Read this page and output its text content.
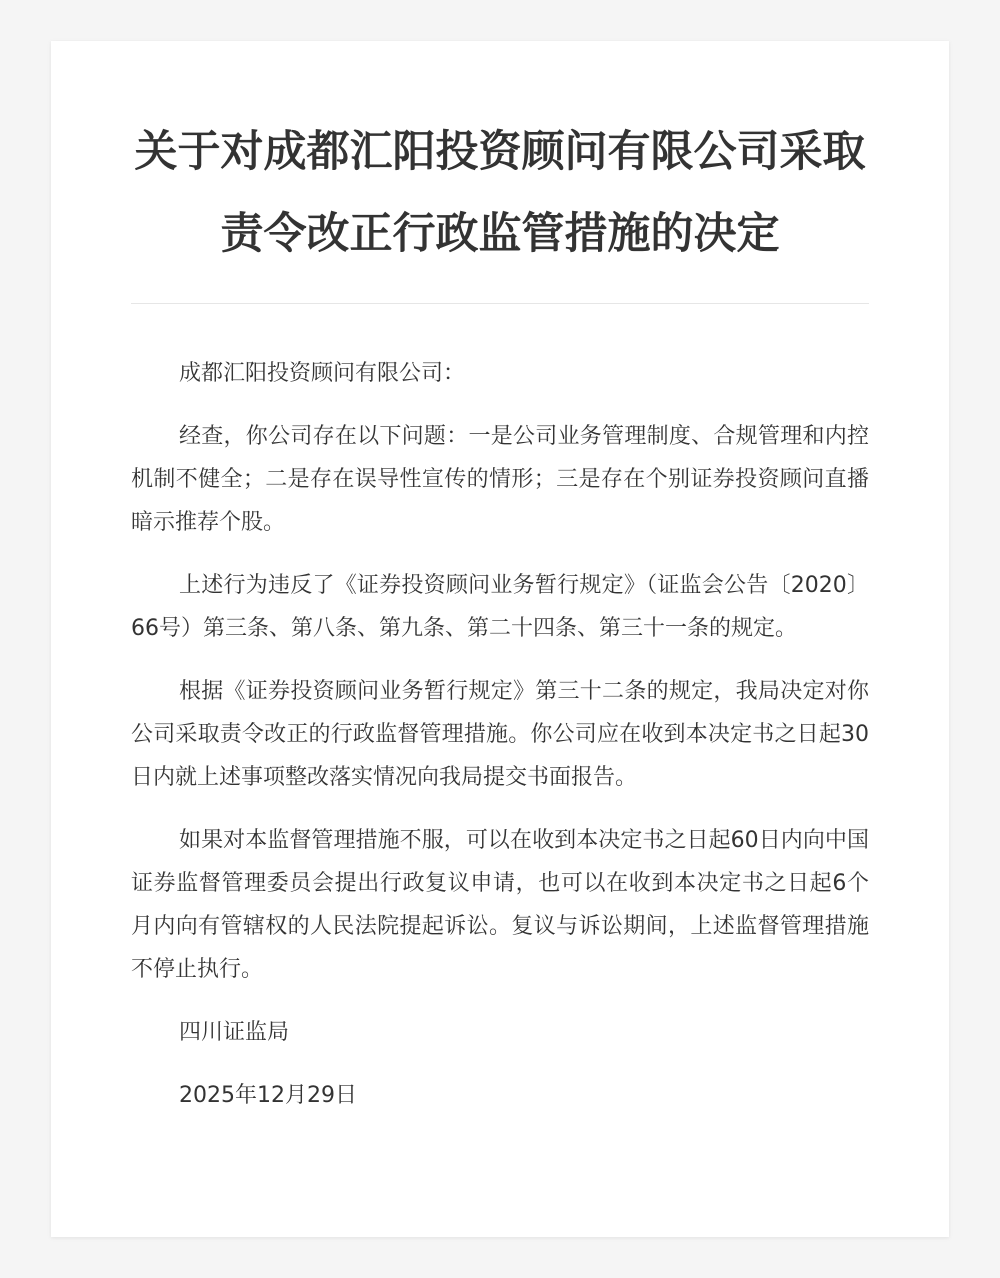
关于对成都汇阳投资顾问有限公司采取责令改正行政监管措施的决定

成都汇阳投资顾问有限公司：

经查，你公司存在以下问题：一是公司业务管理制度、合规管理和内控机制不健全；二是存在误导性宣传的情形；三是存在个别证券投资顾问直播暗示推荐个股。

上述行为违反了《证券投资顾问业务暂行规定》（证监会公告〔2020〕66号）第三条、第八条、第九条、第二十四条、第三十一条的规定。

根据《证券投资顾问业务暂行规定》第三十二条的规定，我局决定对你公司采取责令改正的行政监督管理措施。你公司应在收到本决定书之日起30日内就上述事项整改落实情况向我局提交书面报告。

如果对本监督管理措施不服，可以在收到本决定书之日起60日内向中国证券监督管理委员会提出行政复议申请，也可以在收到本决定书之日起6个月内向有管辖权的人民法院提起诉讼。复议与诉讼期间，上述监督管理措施不停止执行。

四川证监局

2025年12月29日
